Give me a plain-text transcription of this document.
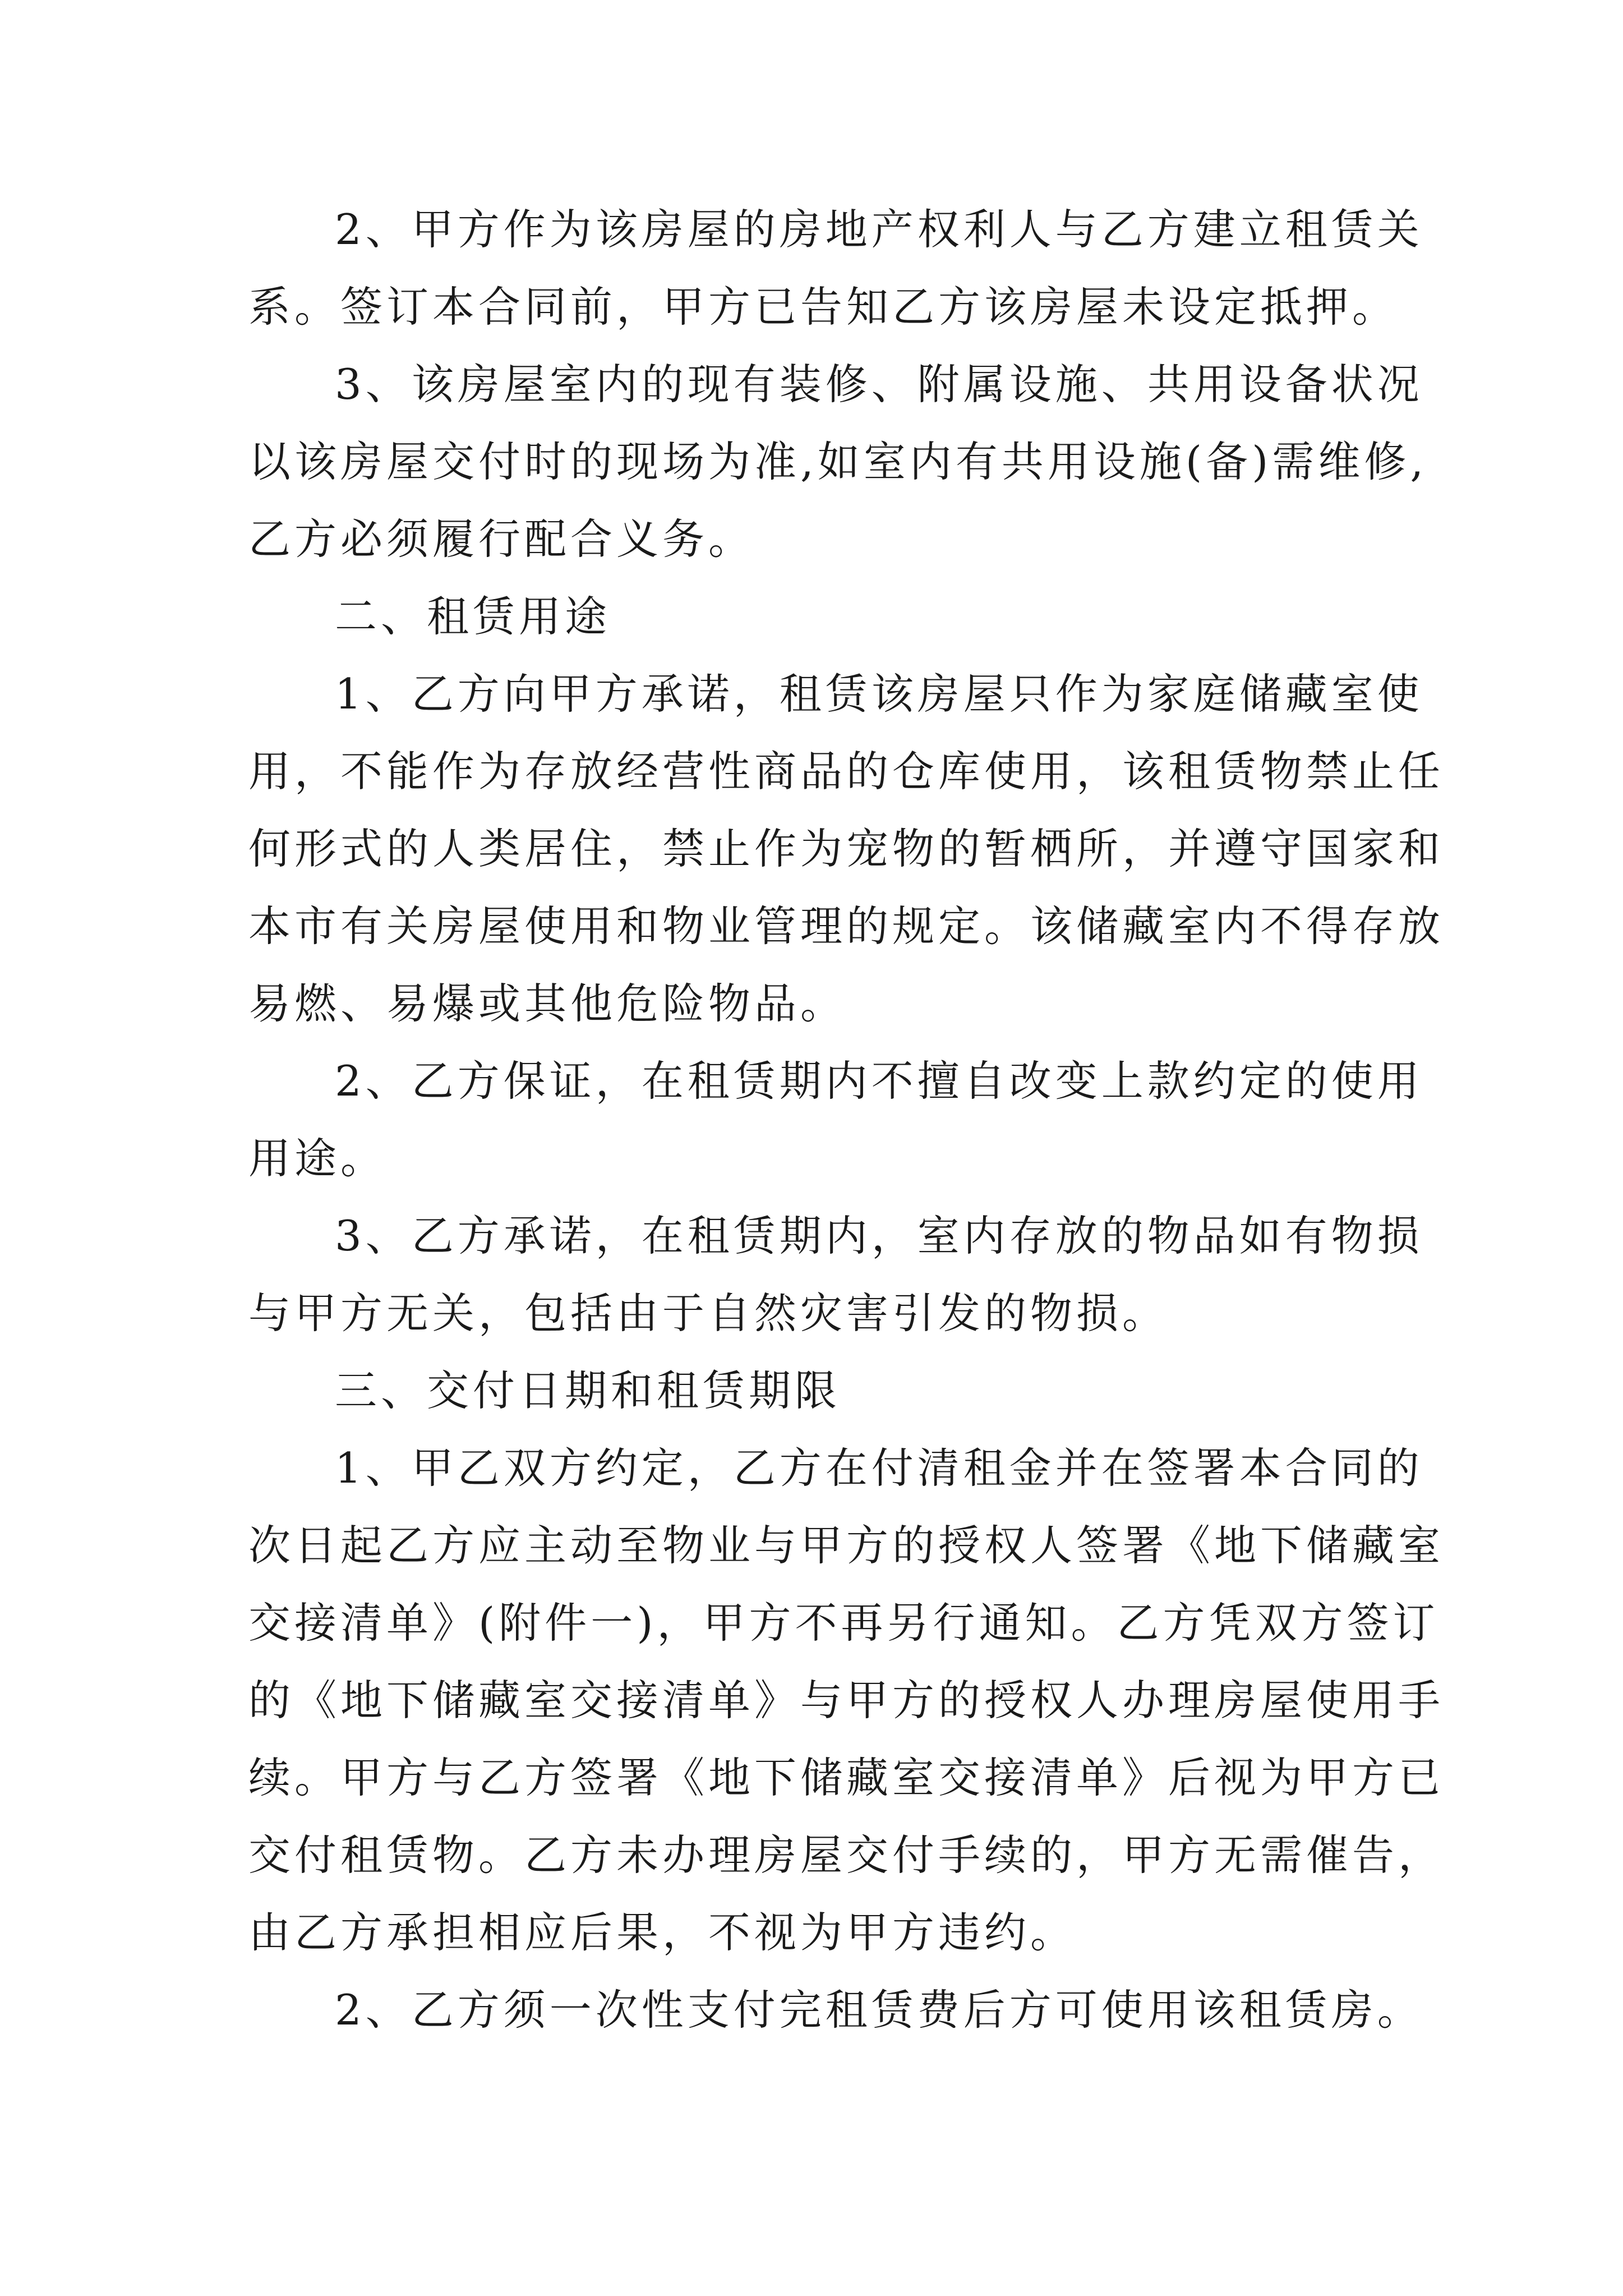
2、甲方作为该房屋的房地产权利人与乙方建立租赁关
系。签订本合同前，甲方已告知乙方该房屋未设定抵押。
3、该房屋室内的现有装修、附属设施、共用设备状况
以该房屋交付时的现场为准,如室内有共用设施(备)需维修,
乙方必须履行配合义务。
二、租赁用途
1、乙方向甲方承诺，租赁该房屋只作为家庭储藏室使
用，不能作为存放经营性商品的仓库使用，该租赁物禁止任
何形式的人类居住，禁止作为宠物的暂栖所，并遵守国家和
本市有关房屋使用和物业管理的规定。该储藏室内不得存放
易燃、易爆或其他危险物品。
2、乙方保证，在租赁期内不擅自改变上款约定的使用
用途。
3、乙方承诺，在租赁期内，室内存放的物品如有物损
与甲方无关，包括由于自然灾害引发的物损。
三、交付日期和租赁期限
1、甲乙双方约定，乙方在付清租金并在签署本合同的
次日起乙方应主动至物业与甲方的授权人签署《地下储藏室
交接清单》(附件一)，甲方不再另行通知。乙方凭双方签订
的《地下储藏室交接清单》与甲方的授权人办理房屋使用手
续。甲方与乙方签署《地下储藏室交接清单》后视为甲方已
交付租赁物。乙方未办理房屋交付手续的，甲方无需催告，
由乙方承担相应后果，不视为甲方违约。
2、乙方须一次性支付完租赁费后方可使用该租赁房。
